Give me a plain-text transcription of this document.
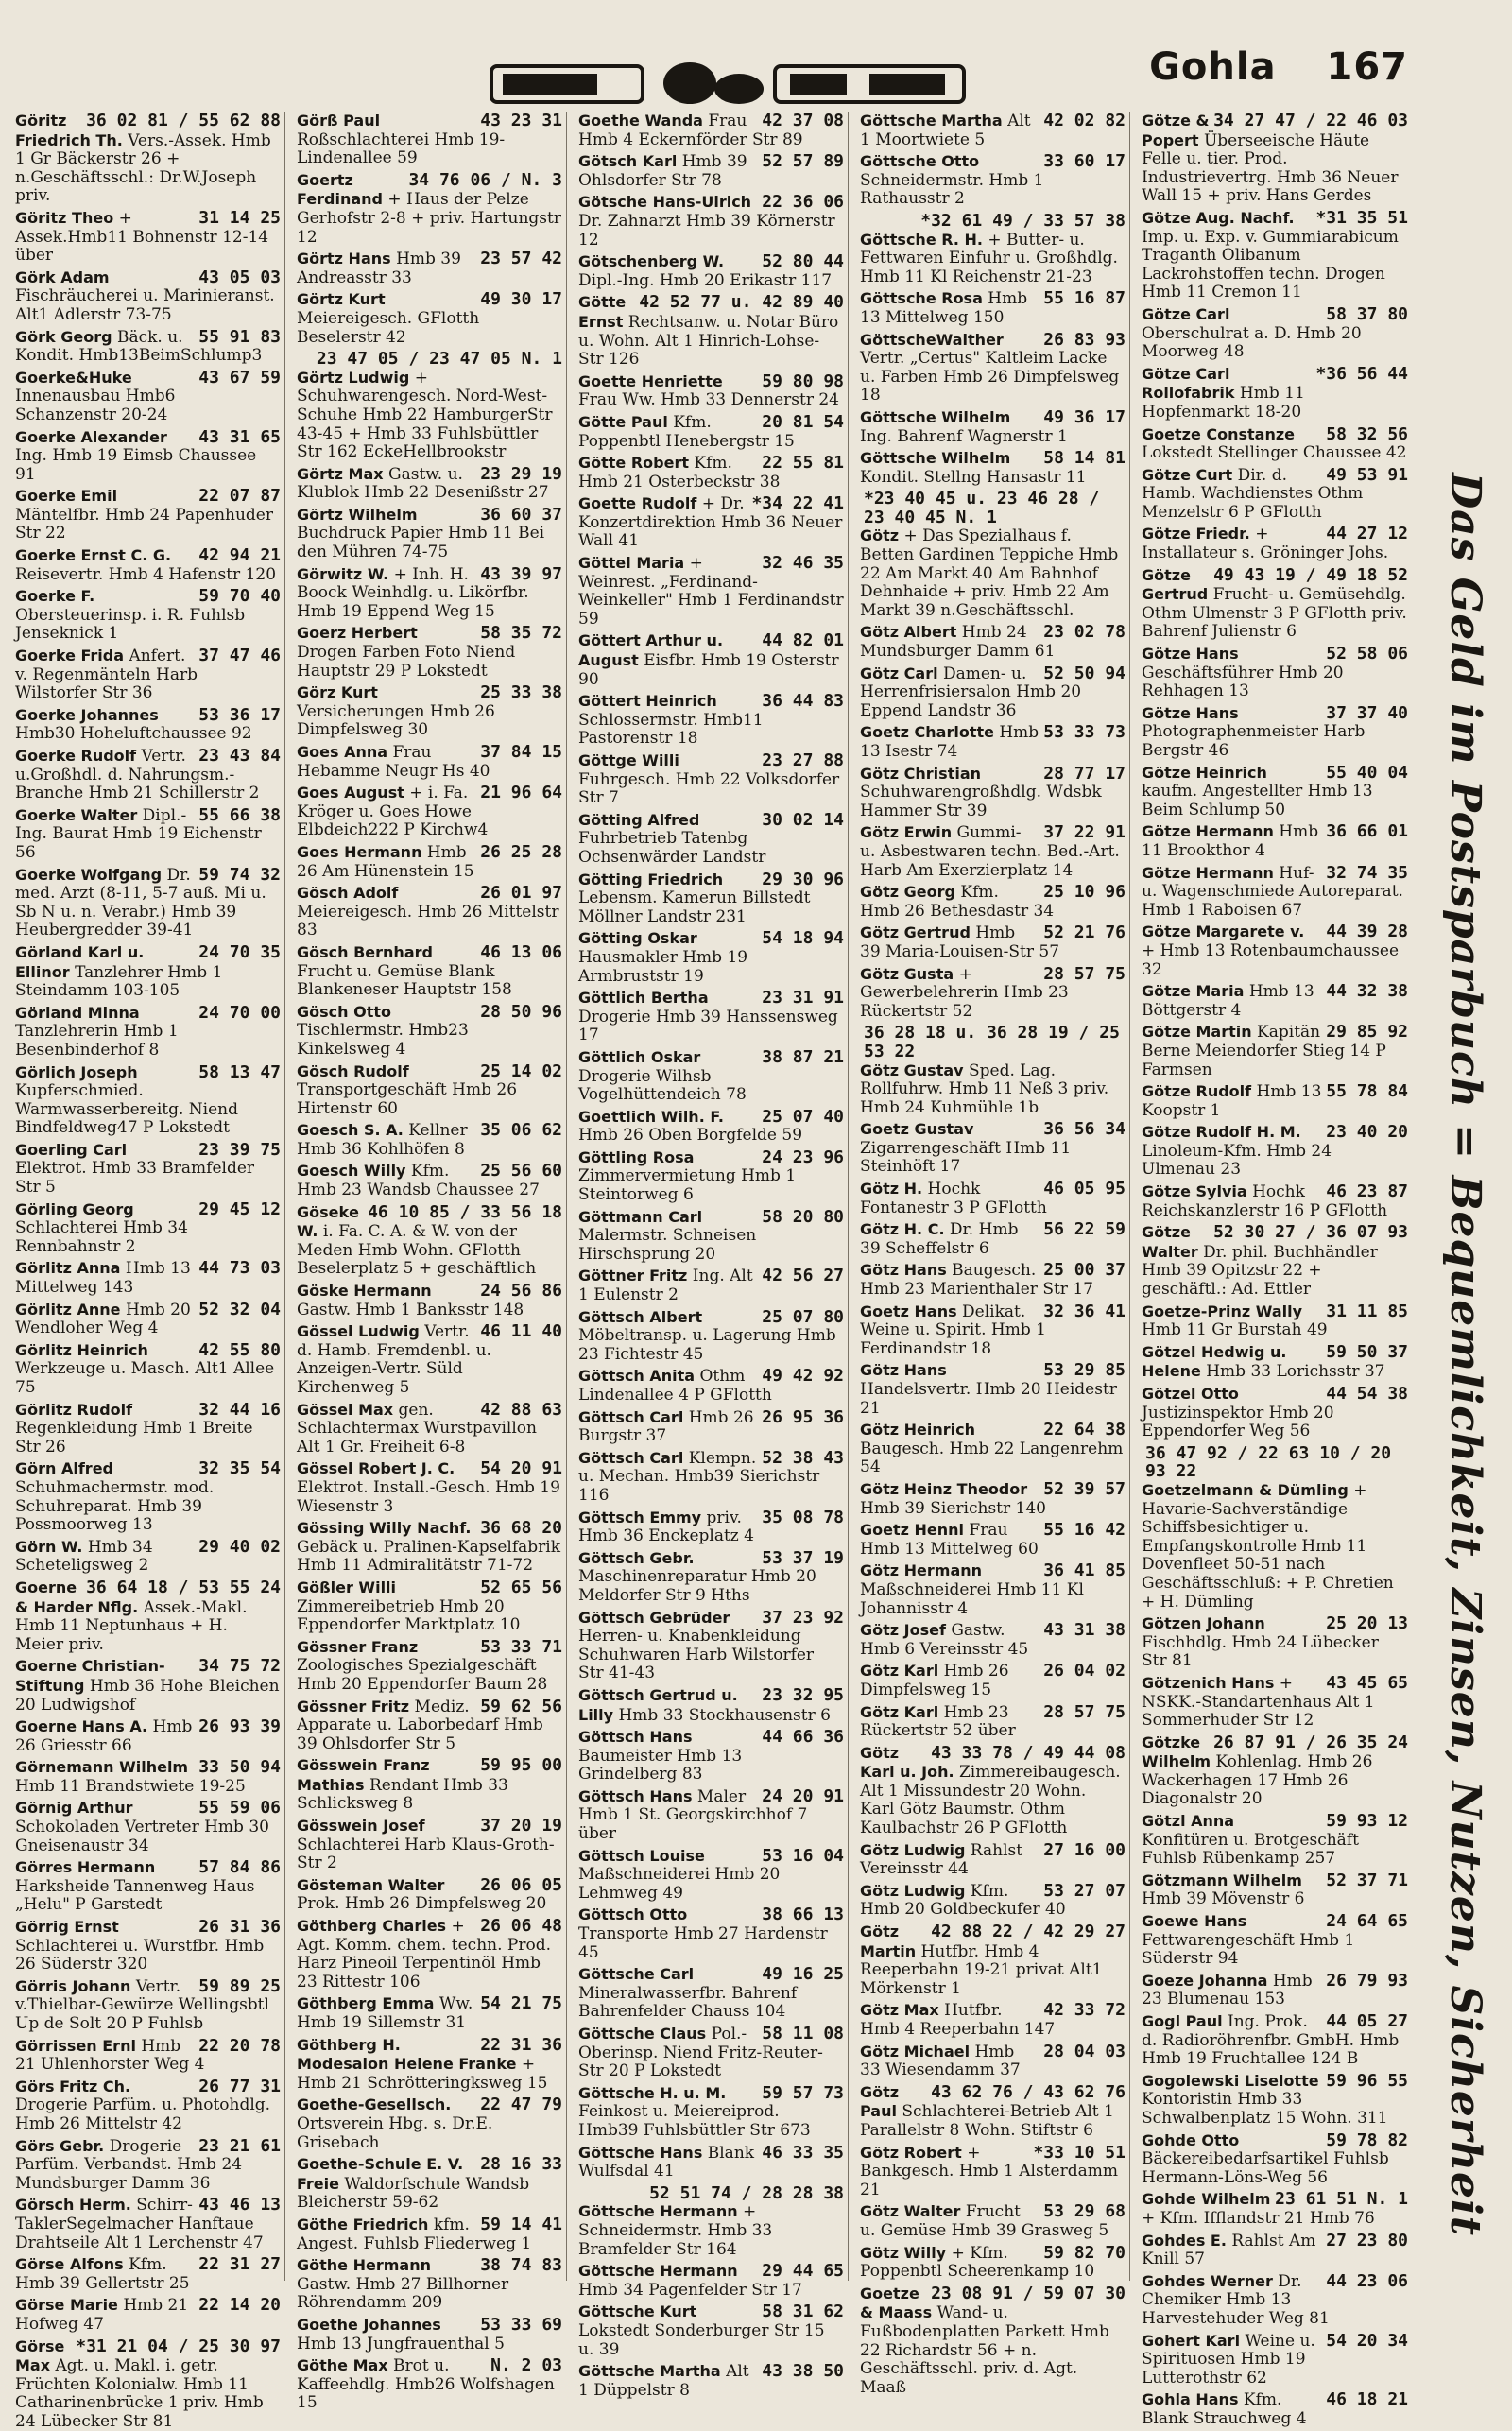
Gohla 167
Das Geld im Postsparbuch = Bequemlichkeit, Zinsen, Nutzen, Sicherheit
36 02 81 / 55 62 88
Göritz Friedrich Th. Vers.-Assek. Hmb 1 Gr Bäckerstr 26 + n.Geschäftsschl.: Dr.W.Joseph priv.
31 14 25
Göritz Theo + Assek.Hmb11 Bohnenstr 12-14 über
43 05 03
Görk Adam Fischräucherei u. Marinieranst. Alt1 Adlerstr 73-75
55 91 83
Görk Georg Bäck. u. Kondit. Hmb13BeimSchlump3
43 67 59
Goerke&Huke Innenausbau Hmb6 Schanzenstr 20-24
43 31 65
Goerke Alexander Ing. Hmb 19 Eimsb Chaussee 91
22 07 87
Goerke Emil Mäntelfbr. Hmb 24 Papenhuder Str 22
42 94 21
Goerke Ernst C. G. Reisevertr. Hmb 4 Hafenstr 120
59 70 40
Goerke F. Obersteuerinsp. i. R. Fuhlsb Jenseknick 1
37 47 46
Goerke Frida Anfert. v. Regenmänteln Harb Wilstorfer Str 36
53 36 17
Goerke Johannes Hmb30 Hoheluftchaussee 92
23 43 84
Goerke Rudolf Vertr. u.Großhdl. d. Nahrungsm.-Branche Hmb 21 Schillerstr 2
55 66 38
Goerke Walter Dipl.-Ing. Baurat Hmb 19 Eichenstr 56
59 74 32
Goerke Wolfgang Dr. med. Arzt (8-11, 5-7 auß. Mi u. Sb N u. n. Verabr.) Hmb 39 Heubergredder 39-41
24 70 35
Görland Karl u. Ellinor Tanzlehrer Hmb 1 Steindamm 103-105
24 70 00
Görland Minna Tanzlehrerin Hmb 1 Besenbinderhof 8
58 13 47
Görlich Joseph Kupferschmied. Warmwasserbereitg. Niend Bindfeldweg47 P Lokstedt
23 39 75
Goerling Carl Elektrot. Hmb 33 Bramfelder Str 5
29 45 12
Görling Georg Schlachterei Hmb 34 Rennbahnstr 2
44 73 03
Görlitz Anna Hmb 13 Mittelweg 143
52 32 04
Görlitz Anne Hmb 20 Wendloher Weg 4
42 55 80
Görlitz Heinrich Werkzeuge u. Masch. Alt1 Allee 75
32 44 16
Görlitz Rudolf Regenkleidung Hmb 1 Breite Str 26
32 35 54
Görn Alfred Schuhmachermstr. mod. Schuhreparat. Hmb 39 Possmoorweg 13
29 40 02
Görn W. Hmb 34 Scheteligsweg 2
36 64 18 / 53 55 24
Goerne & Harder Nflg. Assek.-Makl. Hmb 11 Neptunhaus + H. Meier priv.
34 75 72
Goerne Christian-Stiftung Hmb 36 Hohe Bleichen 20 Ludwigshof
26 93 39
Goerne Hans A. Hmb 26 Griesstr 66
33 50 94
Görnemann Wilhelm Hmb 11 Brandstwiete 19-25
55 59 06
Görnig Arthur Schokoladen Vertreter Hmb 30 Gneisenaustr 34
57 84 86
Görres Hermann Harksheide Tannenweg Haus „Helu" P Garstedt
26 31 36
Görrig Ernst Schlachterei u. Wurstfbr. Hmb 26 Süderstr 320
59 89 25
Görris Johann Vertr. v.Thielbar-Gewürze Wellingsbtl Up de Solt 20 P Fuhlsb
22 20 78
Görrissen Ernl Hmb 21 Uhlenhorster Weg 4
26 77 31
Görs Fritz Ch. Drogerie Parfüm. u. Photohdlg. Hmb 26 Mittelstr 42
23 21 61
Görs Gebr. Drogerie Parfüm. Verbandst. Hmb 24 Mundsburger Damm 36
43 46 13
Görsch Herm. Schirr-TaklerSegelmacher Hanftaue Drahtseile Alt 1 Lerchenstr 47
22 31 27
Görse Alfons Kfm. Hmb 39 Gellertstr 25
22 14 20
Görse Marie Hmb 21 Hofweg 47
*31 21 04 / 25 30 97
Görse Max Agt. u. Makl. i. getr. Früchten Kolonialw. Hmb 11 Catharinenbrücke 1 priv. Hmb 24 Lübecker Str 81
43 23 31
Görß Paul Roßschlachterei Hmb 19-Lindenallee 59
34 76 06 / N. 3
Goertz Ferdinand + Haus der Pelze Gerhofstr 2-8 + priv. Hartungstr 12
23 57 42
Görtz Hans Hmb 39 Andreasstr 33
49 30 17
Görtz Kurt Meiereigesch. GFlotth Beselerstr 42
23 47 05 / 23 47 05 N. 1
Görtz Ludwig + Schuhwarengesch. Nord-West-Schuhe Hmb 22 HamburgerStr 43-45 + Hmb 33 Fuhlsbüttler Str 162 EckeHellbrookstr
23 29 19
Görtz Max Gastw. u. Klublok Hmb 22 Desenißstr 27
36 60 37
Görtz Wilhelm Buchdruck Papier Hmb 11 Bei den Mühren 74-75
43 39 97
Görwitz W. + Inh. H. Boock Weinhdlg. u. Likörfbr. Hmb 19 Eppend Weg 15
58 35 72
Goerz Herbert Drogen Farben Foto Niend Hauptstr 29 P Lokstedt
25 33 38
Görz Kurt Versicherungen Hmb 26 Dimpfelsweg 30
37 84 15
Goes Anna Frau Hebamme Neugr Hs 40
21 96 64
Goes August + i. Fa. Kröger u. Goes Howe Elbdeich222 P Kirchw4
26 25 28
Goes Hermann Hmb 26 Am Hünenstein 15
26 01 97
Gösch Adolf Meiereigesch. Hmb 26 Mittelstr 83
46 13 06
Gösch Bernhard Frucht u. Gemüse Blank Blankeneser Hauptstr 158
28 50 96
Gösch Otto Tischlermstr. Hmb23 Kinkelsweg 4
25 14 02
Gösch Rudolf Transportgeschäft Hmb 26 Hirtenstr 60
35 06 62
Goesch S. A. Kellner Hmb 36 Kohlhöfen 8
25 56 60
Goesch Willy Kfm. Hmb 23 Wandsb Chaussee 27
46 10 85 / 33 56 18
Gösekе W. i. Fa. C. A. & W. von der Meden Hmb Wohn. GFlotth Beselerplatz 5 + geschäftlich
24 56 86
Göske Hermann Gastw. Hmb 1 Banksstr 148
46 11 40
Gössel Ludwig Vertr. d. Hamb. Fremdenbl. u. Anzeigen-Vertr. Süld Kirchenweg 5
42 88 63
Gössel Max gen. Schlachtermax Wurstpavillon Alt 1 Gr. Freiheit 6-8
54 20 91
Gössel Robert J. C. Elektrot. Install.-Gesch. Hmb 19 Wiesenstr 3
36 68 20
Gössing Willy Nachf. Gebäck u. Pralinen-Kapselfabrik Hmb 11 Admiralitätstr 71-72
52 65 56
Gößler Willi Zimmereibetrieb Hmb 20 Eppendorfer Marktplatz 10
53 33 71
Gössner Franz Zoologisches Spezialgeschäft Hmb 20 Eppendorfer Baum 28
59 62 56
Gössner Fritz Mediz. Apparate u. Laborbedarf Hmb 39 Ohlsdorfer Str 5
59 95 00
Gösswein Franz Mathias Rendant Hmb 33 Schlicksweg 8
37 20 19
Gösswein Josef Schlachterei Harb Klaus-Groth-Str 2
26 06 05
Gösteman Walter Prok. Hmb 26 Dimpfelsweg 20
26 06 48
Göthberg Charles + Agt. Komm. chem. techn. Prod. Harz Pineoil Terpentinöl Hmb 23 Rittestr 106
54 21 75
Göthberg Emma Ww. Hmb 19 Sillemstr 31
22 31 36
Göthberg H. Modesalon Helene Franke + Hmb 21 Schrötteringksweg 15
22 47 79
Goethe-Gesellsch. Ortsverein Hbg. s. Dr.E. Grisebach
28 16 33
Goethe-Schule E. V. Freie Waldorfschule Wandsb Bleicherstr 59-62
59 14 41
Göthe Friedrich kfm. Angest. Fuhlsb Fliederweg 1
38 74 83
Göthe Hermann Gastw. Hmb 27 Billhorner Röhrendamm 209
53 33 69
Goethe Johannes Hmb 13 Jungfrauenthal 5
N. 2 03
Göthe Max Brot u. Kaffeehdlg. Hmb26 Wolfshagen 15
42 37 08
Goethe Wanda Frau Hmb 4 Eckernförder Str 89
52 57 89
Götsch Karl Hmb 39 Ohlsdorfer Str 78
22 36 06
Götsche Hans-Ulrich Dr. Zahnarzt Hmb 39 Körnerstr 12
52 80 44
Götschenberg W. Dipl.-Ing. Hmb 20 Erikastr 117
42 52 77 u. 42 89 40
Götte Ernst Rechtsanw. u. Notar Büro u. Wohn. Alt 1 Hinrich-Lohse-Str 126
59 80 98
Goette Henriette Frau Ww. Hmb 33 Dennerstr 24
20 81 54
Götte Paul Kfm. Poppenbtl Henebergstr 15
22 55 81
Götte Robert Kfm. Hmb 21 Osterbeckstr 38
*34 22 41
Goette Rudolf + Dr. Konzertdirektion Hmb 36 Neuer Wall 41
32 46 35
Göttel Maria + Weinrest. „Ferdinand-Weinkeller" Hmb 1 Ferdinandstr 59
44 82 01
Göttert Arthur u. August Eisfbr. Hmb 19 Osterstr 90
36 44 83
Göttert Heinrich Schlossermstr. Hmb11 Pastorenstr 18
23 27 88
Göttge Willi Fuhrgesch. Hmb 22 Volksdorfer Str 7
30 02 14
Götting Alfred Fuhrbetrieb Tatenbg Ochsenwärder Landstr
29 30 96
Götting Friedrich Lebensm. Kamerun Billstedt Möllner Landstr 231
54 18 94
Götting Oskar Hausmakler Hmb 19 Armbruststr 19
23 31 91
Göttlich Bertha Drogerie Hmb 39 Hanssensweg 17
38 87 21
Göttlich Oskar Drogerie Wilhsb Vogelhüttendeich 78
25 07 40
Goettlich Wilh. F. Hmb 26 Oben Borgfelde 59
24 23 96
Göttling Rosa Zimmervermietung Hmb 1 Steintorweg 6
58 20 80
Göttmann Carl Malermstr. Schneisen Hirschsprung 20
42 56 27
Göttner Fritz Ing. Alt 1 Eulenstr 2
25 07 80
Göttsch Albert Möbeltransp. u. Lagerung Hmb 23 Fichtestr 45
49 42 92
Göttsch Anita Othm Lindenallee 4 P GFlotth
26 95 36
Göttsch Carl Hmb 26 Burgstr 37
52 38 43
Göttsch Carl Klempn. u. Mechan. Hmb39 Sierichstr 116
35 08 78
Göttsch Emmy priv. Hmb 36 Enckeplatz 4
53 37 19
Göttsch Gebr. Maschinenreparatur Hmb 20 Meldorfer Str 9 Hths
37 23 92
Göttsch Gebrüder Herren- u. Knabenkleidung Schuhwaren Harb Wilstorfer Str 41-43
23 32 95
Göttsch Gertrud u. Lilly Hmb 33 Stockhausenstr 6
44 66 36
Göttsch Hans Baumeister Hmb 13 Grindelberg 83
24 20 91
Göttsch Hans Maler Hmb 1 St. Georgskirchhof 7 über
53 16 04
Göttsch Louise Maßschneiderei Hmb 20 Lehmweg 49
38 66 13
Göttsch Otto Transporte Hmb 27 Hardenstr 45
49 16 25
Göttsche Carl Mineralwasserfbr. Bahrenf Bahrenfelder Chauss 104
58 11 08
Göttsche Claus Pol.-Oberinsp. Niend Fritz-Reuter-Str 20 P Lokstedt
59 57 73
Göttsche H. u. M. Feinkost u. Meiereiprod. Hmb39 Fuhlsbüttler Str 673
46 33 35
Göttsche Hans Blank Wulfsdal 41
52 51 74 / 28 28 38
Göttsche Hermann + Schneidermstr. Hmb 33 Bramfelder Str 164
29 44 65
Göttsche Hermann Hmb 34 Pagenfelder Str 17
58 31 62
Göttsche Kurt Lokstedt Sonderburger Str 15 u. 39
43 38 50
Göttsche Martha Alt 1 Düppelstr 8
42 02 82
Göttsche Martha Alt 1 Moortwiete 5
33 60 17
Göttsche Otto Schneidermstr. Hmb 1 Rathausstr 2
*32 61 49 / 33 57 38
Göttsche R. H. + Butter- u. Fettwaren Einfuhr u. Großhdlg. Hmb 11 Kl Reichenstr 21-23
55 16 87
Göttsche Rosa Hmb 13 Mittelweg 150
26 83 93
GöttscheWalther Vertr. „Certus" Kaltleim Lacke u. Farben Hmb 26 Dimpfelsweg 18
49 36 17
Göttsche Wilhelm Ing. Bahrenf Wagnerstr 1
58 14 81
Göttsche Wilhelm Kondit. Stellng Hansastr 11
*23 40 45 u. 23 46 28 / 23 40 45 N. 1
Götz + Das Spezialhaus f. Betten Gardinen Teppiche Hmb 22 Am Markt 40 Am Bahnhof Dehnhaide + priv. Hmb 22 Am Markt 39 n.Geschäftsschl.
23 02 78
Götz Albert Hmb 24 Mundsburger Damm 61
52 50 94
Götz Carl Damen- u. Herrenfrisiersalon Hmb 20 Eppend Landstr 36
53 33 73
Goetz Charlotte Hmb 13 Isestr 74
28 77 17
Götz Christian Schuhwarengroßhdlg. Wdsbk Hammer Str 39
37 22 91
Götz Erwin Gummi- u. Asbestwaren techn. Bed.-Art. Harb Am Exerzierplatz 14
25 10 96
Götz Georg Kfm. Hmb 26 Bethesdastr 34
52 21 76
Götz Gertrud Hmb 39 Maria-Louisen-Str 57
28 57 75
Götz Gusta + Gewerbelehrerin Hmb 23 Rückertstr 52
36 28 18 u. 36 28 19 / 25 53 22
Götz Gustav Sped. Lag. Rollfuhrw. Hmb 11 Neß 3 priv. Hmb 24 Kuhmühle 1b
36 56 34
Goetz Gustav Zigarrengeschäft Hmb 11 Steinhöft 17
46 05 95
Götz H. Hochk Fontanestr 3 P GFlotth
56 22 59
Götz H. C. Dr. Hmb 39 Scheffelstr 6
25 00 37
Götz Hans Baugesch. Hmb 23 Marienthaler Str 17
32 36 41
Goetz Hans Delikat. Weine u. Spirit. Hmb 1 Ferdinandstr 18
53 29 85
Götz Hans Handelsvertr. Hmb 20 Heidestr 21
22 64 38
Götz Heinrich Baugesch. Hmb 22 Langenrehm 54
52 39 57
Götz Heinz Theodor Hmb 39 Sierichstr 140
55 16 42
Goetz Henni Frau Hmb 13 Mittelweg 60
36 41 85
Götz Hermann Maßschneiderei Hmb 11 Kl Johannisstr 4
43 31 38
Götz Josef Gastw. Hmb 6 Vereinsstr 45
26 04 02
Götz Karl Hmb 26 Dimpfelsweg 15
28 57 75
Götz Karl Hmb 23 Rückertstr 52 über
43 33 78 / 49 44 08
Götz Karl u. Joh. Zimmereibaugesch. Alt 1 Missundestr 20 Wohn. Karl Götz Baumstr. Othm Kaulbachstr 26 P GFlotth
27 16 00
Götz Ludwig Rahlst Vereinsstr 44
53 27 07
Götz Ludwig Kfm. Hmb 20 Goldbeckufer 40
42 88 22 / 42 29 27
Götz Martin Hutfbr. Hmb 4 Reeperbahn 19-21 privat Alt1 Mörkenstr 1
42 33 72
Götz Max Hutfbr. Hmb 4 Reeperbahn 147
28 04 03
Götz Michael Hmb 33 Wiesendamm 37
43 62 76 / 43 62 76
Götz Paul Schlachterei-Betrieb Alt 1 Parallelstr 8 Wohn. Stiftstr 6
*33 10 51
Götz Robert + Bankgesch. Hmb 1 Alsterdamm 21
53 29 68
Götz Walter Frucht u. Gemüse Hmb 39 Grasweg 5
59 82 70
Götz Willy + Kfm. Poppenbtl Scheerenkamp 10
23 08 91 / 59 07 30
Goetze & Maass Wand- u. Fußbodenplatten Parkett Hmb 22 Richardstr 56 + n. Geschäftsschl. priv. d. Agt. Maaß
34 27 47 / 22 46 03
Götze & Popert Überseeische Häute Felle u. tier. Prod. Industrievertrg. Hmb 36 Neuer Wall 15 + priv. Hans Gerdes
*31 35 51
Götze Aug. Nachf. Imp. u. Exp. v. Gummiarabicum Traganth Olibanum Lackrohstoffen techn. Drogen Hmb 11 Cremon 11
58 37 80
Götze Carl Oberschulrat a. D. Hmb 20 Moorweg 48
*36 56 44
Götze Carl Rollofabrik Hmb 11 Hopfenmarkt 18-20
58 32 56
Goetze Constanze Lokstedt Stellinger Chaussee 42
49 53 91
Götze Curt Dir. d. Hamb. Wachdienstes Othm Menzelstr 6 P GFlotth
44 27 12
Götze Friedr. + Installateur s. Gröninger Johs.
49 43 19 / 49 18 52
Götze Gertrud Frucht- u. Gemüsehdlg. Othm Ulmenstr 3 P GFlotth priv. Bahrenf Julienstr 6
52 58 06
Götze Hans Geschäftsführer Hmb 20 Rehhagen 13
37 37 40
Götze Hans Photographenmeister Harb Bergstr 46
55 40 04
Götze Heinrich kaufm. Angestellter Hmb 13 Beim Schlump 50
36 66 01
Götze Hermann Hmb 11 Brookthor 4
32 74 35
Götze Hermann Huf- u. Wagenschmiede Autoreparat. Hmb 1 Raboisen 67
44 39 28
Götze Margarete v. + Hmb 13 Rotenbaumchaussee 32
44 32 38
Götze Maria Hmb 13 Böttgerstr 4
29 85 92
Götze Martin Kapitän Berne Meiendorfer Stieg 14 P Farmsen
55 78 84
Götze Rudolf Hmb 13 Koopstr 1
23 40 20
Götze Rudolf H. M. Linoleum-Kfm. Hmb 24 Ulmenau 23
46 23 87
Götze Sylvia Hochk Reichskanzlerstr 16 P GFlotth
52 30 27 / 36 07 93
Götze Walter Dr. phil. Buchhändler Hmb 39 Opitzstr 22 + geschäftl.: Ad. Ettler
31 11 85
Goetze-Prinz Wally Hmb 11 Gr Burstah 49
59 50 37
Götzel Hedwig u. Helene Hmb 33 Lorichsstr 37
44 54 38
Götzel Otto Justizinspektor Hmb 20 Eppendorfer Weg 56
36 47 92 / 22 63 10 / 20 93 22
Goetzelmann & Dümling + Havarie-Sachverständige Schiffsbesichtiger u. Empfangskontrolle Hmb 11 Dovenfleet 50-51 nach Geschäftsschluß: + P. Chretien + H. Dümling
25 20 13
Götzen Johann Fischhdlg. Hmb 24 Lübecker Str 81
43 45 65
Götzenich Hans + NSKK.-Standartenhaus Alt 1 Sommerhuder Str 12
26 87 91 / 26 35 24
Götzke Wilhelm Kohlenlag. Hmb 26 Wackerhagen 17 Hmb 26 Diagonalstr 20
59 93 12
Götzl Anna Konfitüren u. Brotgeschäft Fuhlsb Rübenkamp 257
52 37 71
Götzmann Wilhelm Hmb 39 Mövenstr 6
24 64 65
Goewe Hans Fettwarengeschäft Hmb 1 Süderstr 94
26 79 93
Goeze Johanna Hmb 23 Blumenau 153
44 05 27
Gogl Paul Ing. Prok. d. Radioröhrenfbr. GmbH. Hmb Hmb 19 Fruchtallee 124 B
59 96 55
Gogolewski Liselotte Kontoristin Hmb 33 Schwalbenplatz 15 Wohn. 311
59 78 82
Gohde Otto Bäckereibedarfsartikel Fuhlsb Hermann-Löns-Weg 56
23 61 51 N. 1
Gohde Wilhelm + Kfm. Ifflandstr 21 Hmb 76
27 23 80
Gohdes E. Rahlst Am Knill 57
44 23 06
Gohdes Werner Dr. Chemiker Hmb 13 Harvestehuder Weg 81
54 20 34
Gohert Karl Weine u. Spirituosen Hmb 19 Lutterothstr 62
46 18 21
Gohla Hans Kfm. Blank Strauchweg 4
